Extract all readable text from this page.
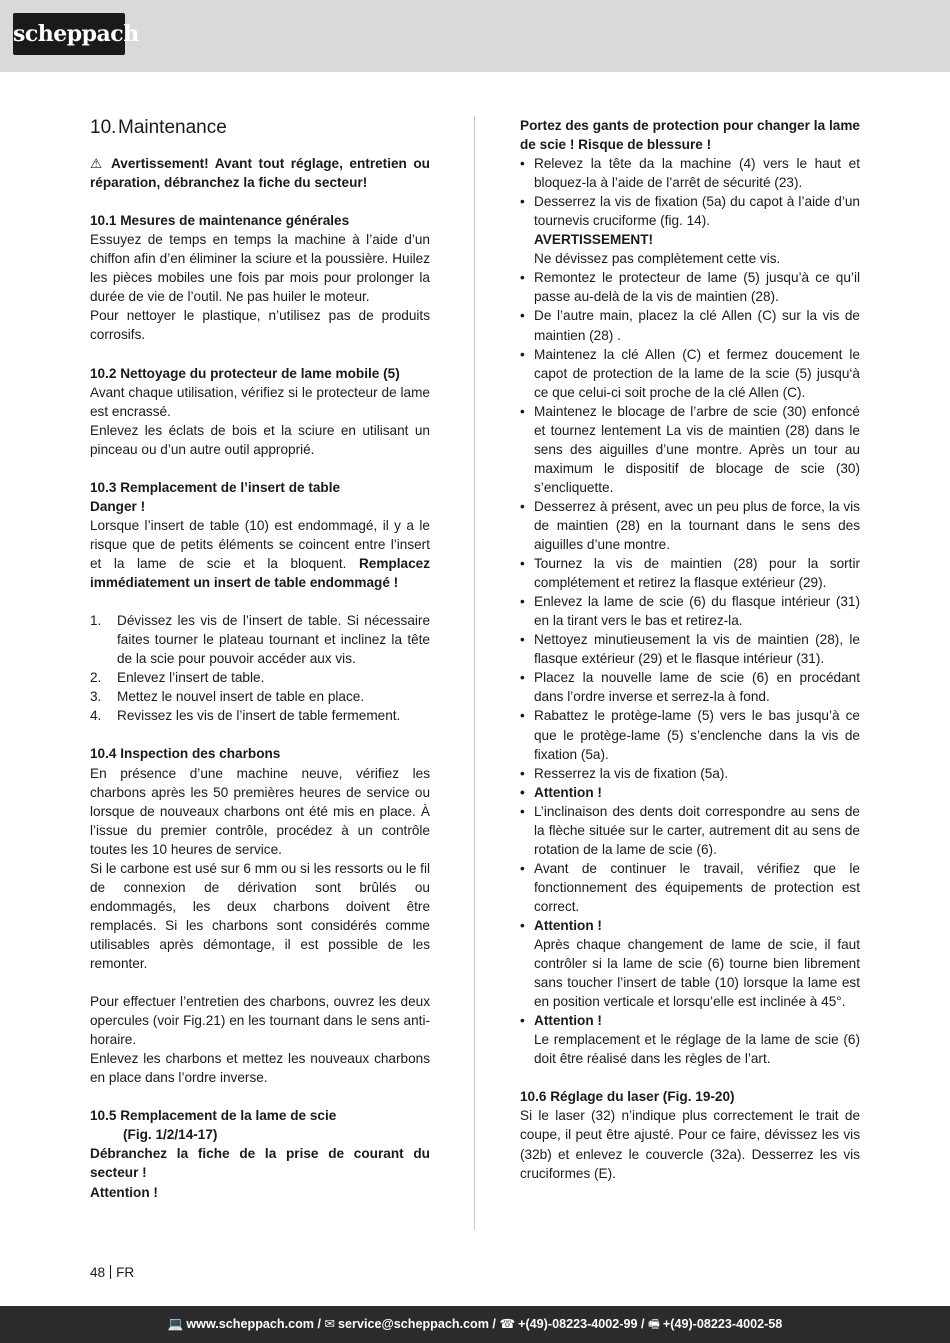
scheppach
10.Maintenance

⚠ Avertissement! Avant tout réglage, entretien ou réparation, débranchez la fiche du secteur!

10.1 Mesures de maintenance générales

Essuyez de temps en temps la machine à l’aide d’un chiffon afin d’en éliminer la sciure et la poussière. Huilez les pièces mobiles une fois par mois pour prolonger la durée de vie de l’outil. Ne pas huiler le moteur.

Pour nettoyer le plastique, n’utilisez pas de produits corrosifs.

10.2 Nettoyage du protecteur de lame mobile (5)

Avant chaque utilisation, vérifiez si le protecteur de lame est encrassé.

Enlevez les éclats de bois et la sciure en utilisant un pinceau ou d’un autre outil approprié.

10.3 Remplacement de l’insert de table

Danger !

Lorsque l’insert de table (10) est endommagé, il y a le risque que de petits éléments se coincent entre l’insert et la lame de scie et la bloquent. Remplacez immédiatement un insert de table endommagé !

1. Dévissez les vis de l’insert de table. Si nécessaire faites tourner le plateau tournant et inclinez la tête de la scie pour pouvoir accéder aux vis.
2. Enlevez l’insert de table.
3. Mettez le nouvel insert de table en place.
4. Revissez les vis de l’insert de table fermement.

10.4 Inspection des charbons

En présence d’une machine neuve, vérifiez les charbons après les 50 premières heures de service ou lorsque de nouveaux charbons ont été mis en place. À l’issue du premier contrôle, procédez à un contrôle toutes les 10 heures de service.

Si le carbone est usé sur 6 mm ou si les ressorts ou le fil de connexion de dérivation sont brûlés ou endommagés, les deux charbons doivent être remplacés. Si les charbons sont considérés comme utilisables après démontage, il est possible de les remonter.

Pour effectuer l’entretien des charbons, ouvrez les deux opercules (voir Fig.21) en les tournant dans le sens anti-horaire.

Enlevez les charbons et mettez les nouveaux charbons en place dans l’ordre inverse.

10.5 Remplacement de la lame de scie

(Fig. 1/2/14-17)

Débranchez la fiche de la prise de courant du secteur !

Attention !

Portez des gants de protection pour changer la lame de scie ! Risque de blessure !

• Relevez la tête da la machine (4) vers le haut et bloquez-la à l’aide de l’arrêt de sécurité (23).
• Desserrez la vis de fixation (5a) du capot à l’aide d’un tournevis cruciforme (fig. 14).
AVERTISSEMENT!
Ne dévissez pas complètement cette vis.
• Remontez le protecteur de lame (5) jusqu’à ce qu’il passe au-delà de la vis de maintien (28).
• De l’autre main, placez la clé Allen (C) sur la vis de maintien (28) .
• Maintenez la clé Allen (C) et fermez doucement le capot de protection de la lame de la scie (5) jusqu‘à ce que celui-ci soit proche de la clé Allen (C).
• Maintenez le blocage de l’arbre de scie (30) enfoncé et tournez lentement La vis de maintien (28) dans le sens des aiguilles d’une montre. Après un tour au maximum le dispositif de blocage de scie (30) s’encliquette.
• Desserrez à présent, avec un peu plus de force, la vis de maintien (28) en la tournant dans le sens des aiguilles d’une montre.
• Tournez la vis de maintien (28) pour la sortir complétement et retirez la flasque extérieur (29).
• Enlevez la lame de scie (6) du flasque intérieur (31) en la tirant vers le bas et retirez-la.
• Nettoyez minutieusement la vis de maintien (28), le flasque extérieur (29) et le flasque intérieur (31).
• Placez la nouvelle lame de scie (6) en procédant dans l’ordre inverse et serrez-la à fond.
• Rabattez le protège-lame (5) vers le bas jusqu’à ce que le protège-lame (5) s’enclenche dans la vis de fixation (5a).
• Resserrez la vis de fixation (5a).
• Attention !
• L’inclinaison des dents doit correspondre au sens de la flèche située sur le carter, autrement dit au sens de rotation de la lame de scie (6).
• Avant de continuer le travail, vérifiez que le fonctionnement des équipements de protection est correct.
• Attention !
Après chaque changement de lame de scie, il faut contrôler si la lame de scie (6) tourne bien librement sans toucher l’insert de table (10) lorsque la lame est en position verticale et lorsqu’elle est inclinée à 45°.
• Attention !
Le remplacement et le réglage de la lame de scie (6) doit être réalisé dans les règles de l’art.

10.6 Réglage du laser (Fig. 19-20)

Si le laser (32) n’indique plus correctement le trait de coupe, il peut être ajusté. Pour ce faire, dévissez les vis (32b) et enlevez le couvercle (32a). Desserrez les vis cruciformes (E).

48 FR
💻 www.scheppach.com / ✉ service@scheppach.com / ☎ +(49)-08223-4002-99 / 🖷 +(49)-08223-4002-58
